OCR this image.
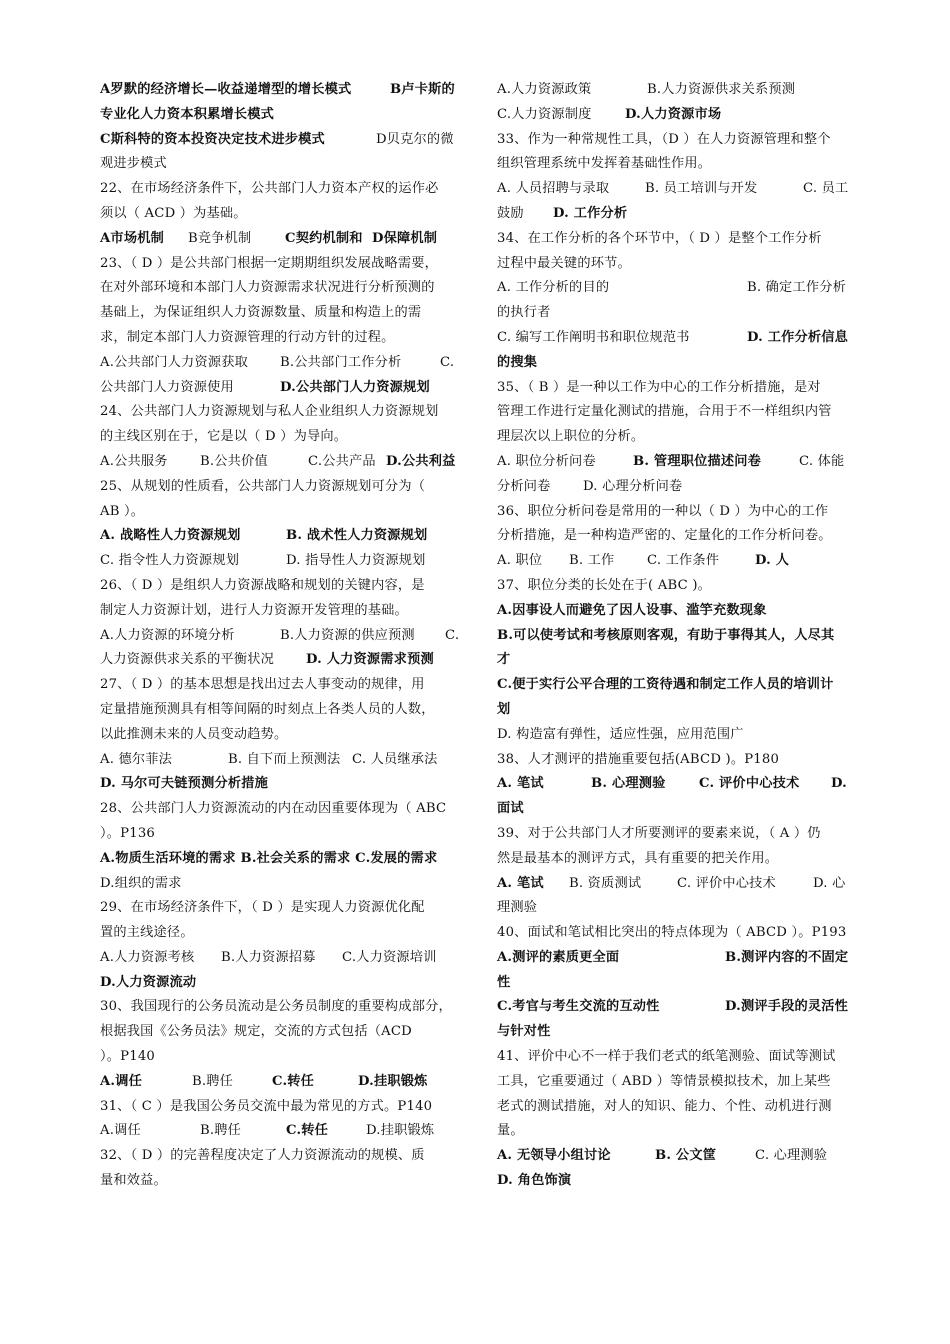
A罗默的经济增长—收益递增型的增长模式	B卢卡斯的
专业化人力资本积累增长模式
C斯科特的资本投资决定技术进步模式	D贝克尔的微
观进步模式
22、在市场经济条件下，公共部门人力资本产权的运作必
须以（ ACD ）为基础。
A市场机制 B竞争机制	C契约机制和 D保障机制
23、（ D ）是公共部门根据一定期期组织发展战略需要，
在对外部环境和本部门人力资源需求状况进行分析预测的
基础上，为保证组织人力资源数量、质量和构造上的需
求，制定本部门人力资源管理的行动方针的过程。
A.公共部门人力资源获取 B.公共部门工作分析	C.
公共部门人力资源使用	D.公共部门人力资源规划
24、公共部门人力资源规划与私人企业组织人力资源规划
的主线区别在于，它是以（ D ）为导向。
A.公共服务 B.公共价值	C.公共产品 D.公共利益
25、从规划的性质看，公共部门人力资源规划可分为（
AB ）。
A. 战略性人力资源规划	B. 战术性人力资源规划
C. 指令性人力资源规划	D. 指导性人力资源规划
26、（ D ）是组织人力资源战略和规划的关键内容，是
制定人力资源计划，进行人力资源开发管理的基础。
A.人力资源的环境分析	B.人力资源的供应预测 C.
人力资源供求关系的平衡状况 D. 人力资源需求预测
27、（ D ）的基本思想是找出过去人事变动的规律，用
定量措施预测具有相等间隔的时刻点上各类人员的人数，
以此推测未来的人员变动趋势。
A. 德尔菲法	B. 自下而上预测法 C. 人员继承法
D. 马尔可夫链预测分析措施
28、公共部门人力资源流动的内在动因重要体现为（ ABC
）。P136
A.物质生活环境的需求 B.社会关系的需求 C.发展的需求
D.组织的需求
29、在市场经济条件下，（ D ）是实现人力资源优化配
置的主线途径。
A.人力资源考核 B.人力资源招募 C.人力资源培训
D.人力资源流动
30、我国现行的公务员流动是公务员制度的重要构成部分，
根据我国《公务员法》规定，交流的方式包括（ACD
）。P140
A.调任	B.聘任	C.转任	D.挂职锻炼
31、（ C ）是我国公务员交流中最为常见的方式。P140
A.调任	B.聘任	C.转任	D.挂职锻炼
32、（ D ）的完善程度决定了人力资源流动的规模、质
量和效益。
A.人力资源政策	B.人力资源供求关系预测
C.人力资源制度	D.人力资源市场
33、作为一种常规性工具，（D ）在人力资源管理和整个
组织管理系统中发挥着基础性作用。
A. 人员招聘与录取	B. 员工培训与开发	C. 员工
鼓励 D. 工作分析
34、在工作分析的各个环节中，（ D ）是整个工作分析
过程中最关键的环节。
A. 工作分析的目的	B. 确定工作分析
的执行者
C. 编写工作阐明书和职位规范书	D. 工作分析信息
的搜集
35、（ B ）是一种以工作为中心的工作分析措施，是对
管理工作进行定量化测试的措施，合用于不一样组织内管
理层次以上职位的分析。
A. 职位分析问卷	B. 管理职位描述问卷	C. 体能
分析问卷 D. 心理分析问卷
36、职位分析问卷是常用的一种以（ D ）为中心的工作
分析措施，是一种构造严密的、定量化的工作分析问卷。
A. 职位 B. 工作 C. 工作条件	D. 人
37、职位分类的长处在于( ABC )。
A.因事设人而避免了因人设事、滥竽充数现象
B.可以使考试和考核原则客观，有助于事得其人，人尽其
才
C.便于实行公平合理的工资待遇和制定工作人员的培训计
划
D. 构造富有弹性，适应性强，应用范围广
38、人才测评的措施重要包括(ABCD )。P180
A. 笔试	B. 心理测验	C. 评价中心技术 D.
面试
39、对于公共部门人才所要测评的要素来说，（ A ）仍
然是最基本的测评方式，具有重要的把关作用。
A. 笔试 B. 资质测试	C. 评价中心技术	D. 心
理测验
40、面试和笔试相比突出的特点体现为（ ABCD ）。P193
A.测评的素质更全面	B.测评内容的不固定
性
C.考官与考生交流的互动性	D.测评手段的灵活性
与针对性
41、评价中心不一样于我们老式的纸笔测验、面试等测试
工具，它重要通过（ ABD ）等情景模拟技术，加上某些
老式的测试措施，对人的知识、能力、个性、动机进行测
量。
A. 无领导小组讨论	B. 公文筐	C. 心理测验
D. 角色饰演
